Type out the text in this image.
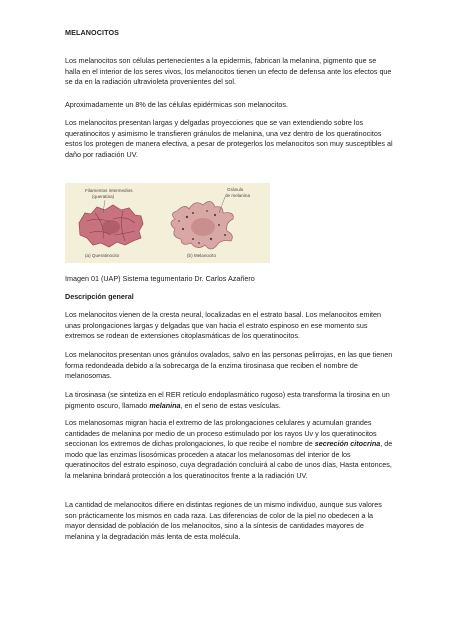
MELANOCITOS

Los melanocitos son células pertenecientes a la epidermis, fabrican la melanina, pigmento que se halla en el interior de los seres vivos, los melanocitos tienen un efecto de defensa ante los efectos que se da en la radiación ultravioleta provenientes del sol.

Aproximadamente un 8% de las células epidérmicas son melanocitos.

Los melanocitos presentan largas y delgadas proyecciones que se van extendiendo sobre los queratinocitos y asimismo le transfieren gránulos de melanina, una vez dentro de los queratinocitos estos los protegen de manera efectiva, a pesar de protegerlos los melanocitos son muy susceptibles al daño por radiación UV.

Filamentos intermedios
(queratina)
(a) Queratinocito
Gránulo
de melanina
(b) Melanocito

Imagen 01 (UAP) Sistema tegumentario Dr. Carlos Azañero

Descripción general

Los melanocitos vienen de la cresta neural, localizadas en el estrato basal. Los melanocitos emiten unas prolongaciones largas y delgadas que van hacia el estrato espinoso en ese momento sus extremos se rodean de extensiones citoplasmáticas de los queratinocitos.

Los melanocitos presentan unos gránulos ovalados, salvo en las personas pelirrojas, en las que tienen forma redondeada debido a la sobrecarga de la enzima tirosinasa que reciben el nombre de melanosomas.

La tirosinasa (se sintetiza en el RER retículo endoplasmático rugoso) esta transforma la tirosina en un pigmento oscuro, llamado melanina, en el seno de estas vesículas.

Los melanosomas migran hacia el extremo de las prolongaciones celulares y acumulan grandes cantidades de melanina por medio de un proceso estimulado por los rayos Uv y los queratinocitos seccionan los extremos de dichas prolongaciones, lo que recibe el nombre de secreción citocrina, de modo que las enzimas lisosómicas proceden a atacar los melanosomas del interior de los queratinocitos del estrato espinoso, cuya degradación concluirá al cabo de unos días, Hasta entonces, la melanina brindará protección a los queratinocitos frente a la radiación UV.

La cantidad de melanocitos difiere en distintas regiones de un mismo individuo, aunque sus valores son prácticamente los mismos en cada raza. Las diferencias de color de la piel no obedecen a la mayor densidad de población de los melanocitos, sino a la síntesis de cantidades mayores de melanina y la degradación más lenta de esta molécula.
